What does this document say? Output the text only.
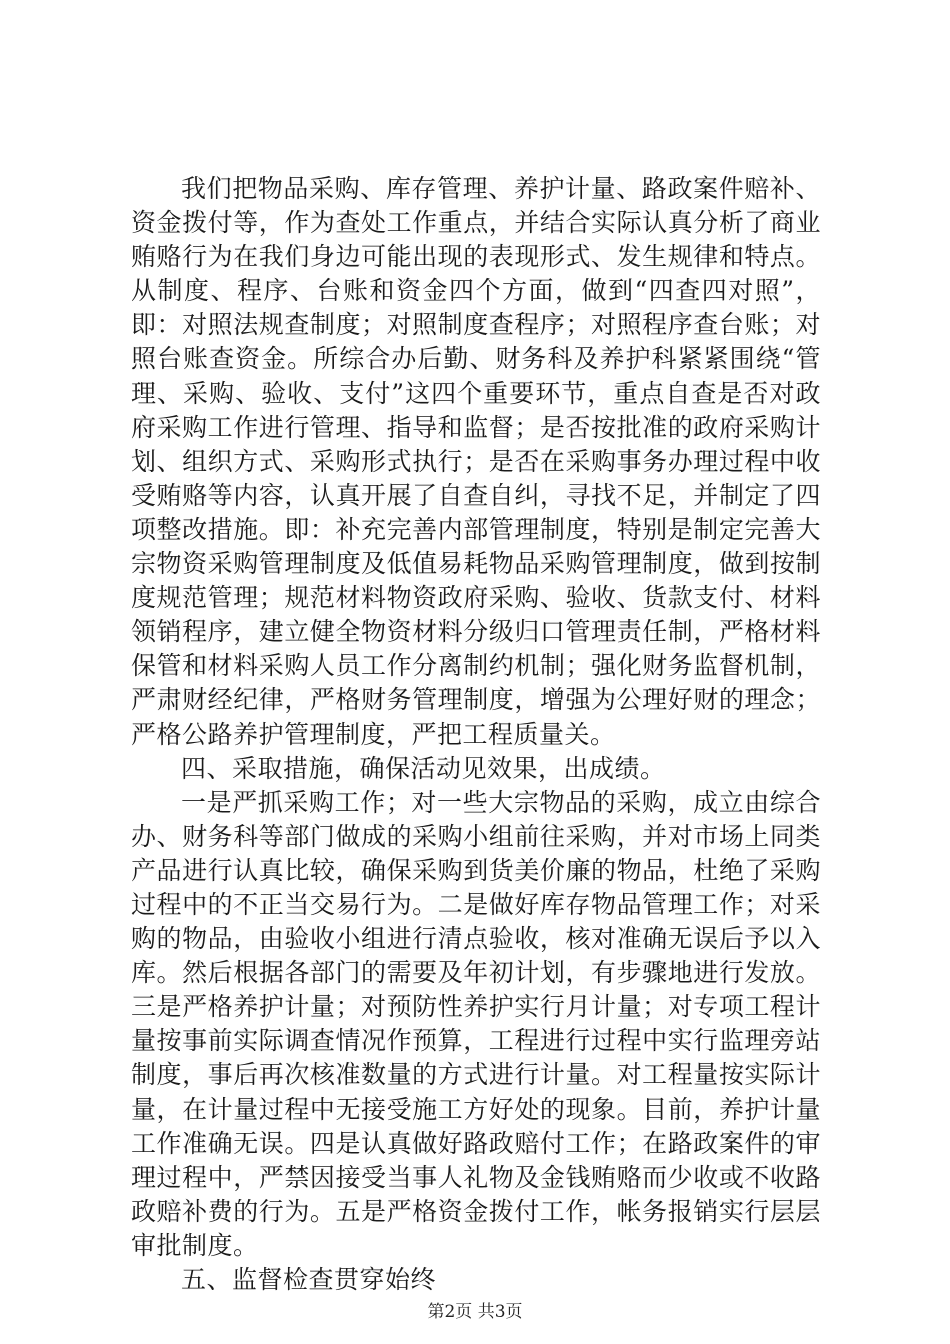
我们把物品采购、库存管理、养护计量、路政案件赔补、资金拨付等，作为查处工作重点，并结合实际认真分析了商业贿赂行为在我们身边可能出现的表现形式、发生规律和特点。从制度、程序、台账和资金四个方面，做到“四查四对照”，即：对照法规查制度；对照制度查程序；对照程序查台账；对照台账查资金。所综合办后勤、财务科及养护科紧紧围绕“管理、采购、验收、支付”这四个重要环节，重点自查是否对政府采购工作进行管理、指导和监督；是否按批准的政府采购计划、组织方式、采购形式执行；是否在采购事务办理过程中收受贿赂等内容，认真开展了自查自纠，寻找不足，并制定了四项整改措施。即：补充完善内部管理制度，特别是制定完善大宗物资采购管理制度及低值易耗物品采购管理制度，做到按制度规范管理；规范材料物资政府采购、验收、货款支付、材料领销程序，建立健全物资材料分级归口管理责任制，严格材料保管和材料采购人员工作分离制约机制；强化财务监督机制，严肃财经纪律，严格财务管理制度，增强为公理好财的理念；严格公路养护管理制度，严把工程质量关。

四、采取措施，确保活动见效果，出成绩。

一是严抓采购工作；对一些大宗物品的采购，成立由综合办、财务科等部门做成的采购小组前往采购，并对市场上同类产品进行认真比较，确保采购到货美价廉的物品，杜绝了采购过程中的不正当交易行为。二是做好库存物品管理工作；对采购的物品，由验收小组进行清点验收，核对准确无误后予以入库。然后根据各部门的需要及年初计划，有步骤地进行发放。三是严格养护计量；对预防性养护实行月计量；对专项工程计量按事前实际调查情况作预算，工程进行过程中实行监理旁站制度，事后再次核准数量的方式进行计量。对工程量按实际计量，在计量过程中无接受施工方好处的现象。目前，养护计量工作准确无误。四是认真做好路政赔付工作；在路政案件的审理过程中，严禁因接受当事人礼物及金钱贿赂而少收或不收路政赔补费的行为。五是严格资金拨付工作，帐务报销实行层层审批制度。

五、监督检查贯穿始终

第2页 共3页
